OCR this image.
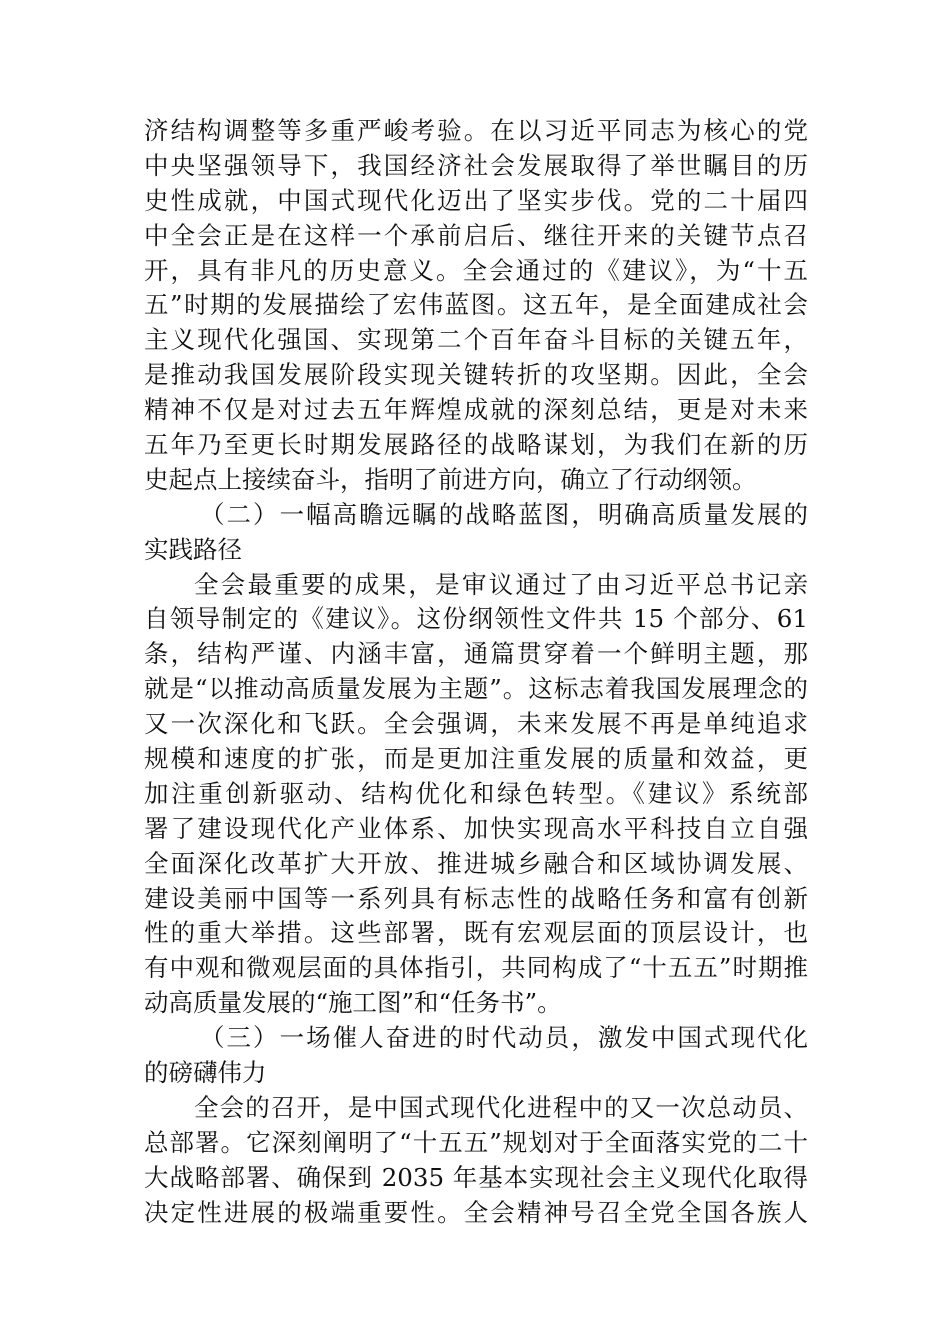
济结构调整等多重严峻考验。在以习近平同志为核心的党
中央坚强领导下，我国经济社会发展取得了举世瞩目的历
史性成就，中国式现代化迈出了坚实步伐。党的二十届四
中全会正是在这样一个承前启后、继往开来的关键节点召
开，具有非凡的历史意义。全会通过的《建议》，为“十五
五”时期的发展描绘了宏伟蓝图。这五年，是全面建成社会
主义现代化强国、实现第二个百年奋斗目标的关键五年，
是推动我国发展阶段实现关键转折的攻坚期。因此，全会
精神不仅是对过去五年辉煌成就的深刻总结，更是对未来
五年乃至更长时期发展路径的战略谋划，为我们在新的历
史起点上接续奋斗，指明了前进方向，确立了行动纲领。
（二）一幅高瞻远瞩的战略蓝图，明确高质量发展的
实践路径
全会最重要的成果，是审议通过了由习近平总书记亲
自领导制定的《建议》。这份纲领性文件共 15 个部分、61
条，结构严谨、内涵丰富，通篇贯穿着一个鲜明主题，那
就是“以推动高质量发展为主题”。这标志着我国发展理念的
又一次深化和飞跃。全会强调，未来发展不再是单纯追求
规模和速度的扩张，而是更加注重发展的质量和效益，更
加注重创新驱动、结构优化和绿色转型。《建议》系统部
署了建设现代化产业体系、加快实现高水平科技自立自强
全面深化改革扩大开放、推进城乡融合和区域协调发展、
建设美丽中国等一系列具有标志性的战略任务和富有创新
性的重大举措。这些部署，既有宏观层面的顶层设计，也
有中观和微观层面的具体指引，共同构成了“十五五”时期推
动高质量发展的“施工图”和“任务书”。
（三）一场催人奋进的时代动员，激发中国式现代化
的磅礴伟力
全会的召开，是中国式现代化进程中的又一次总动员、
总部署。它深刻阐明了“十五五”规划对于全面落实党的二十
大战略部署、确保到 2035 年基本实现社会主义现代化取得
决定性进展的极端重要性。全会精神号召全党全国各族人
